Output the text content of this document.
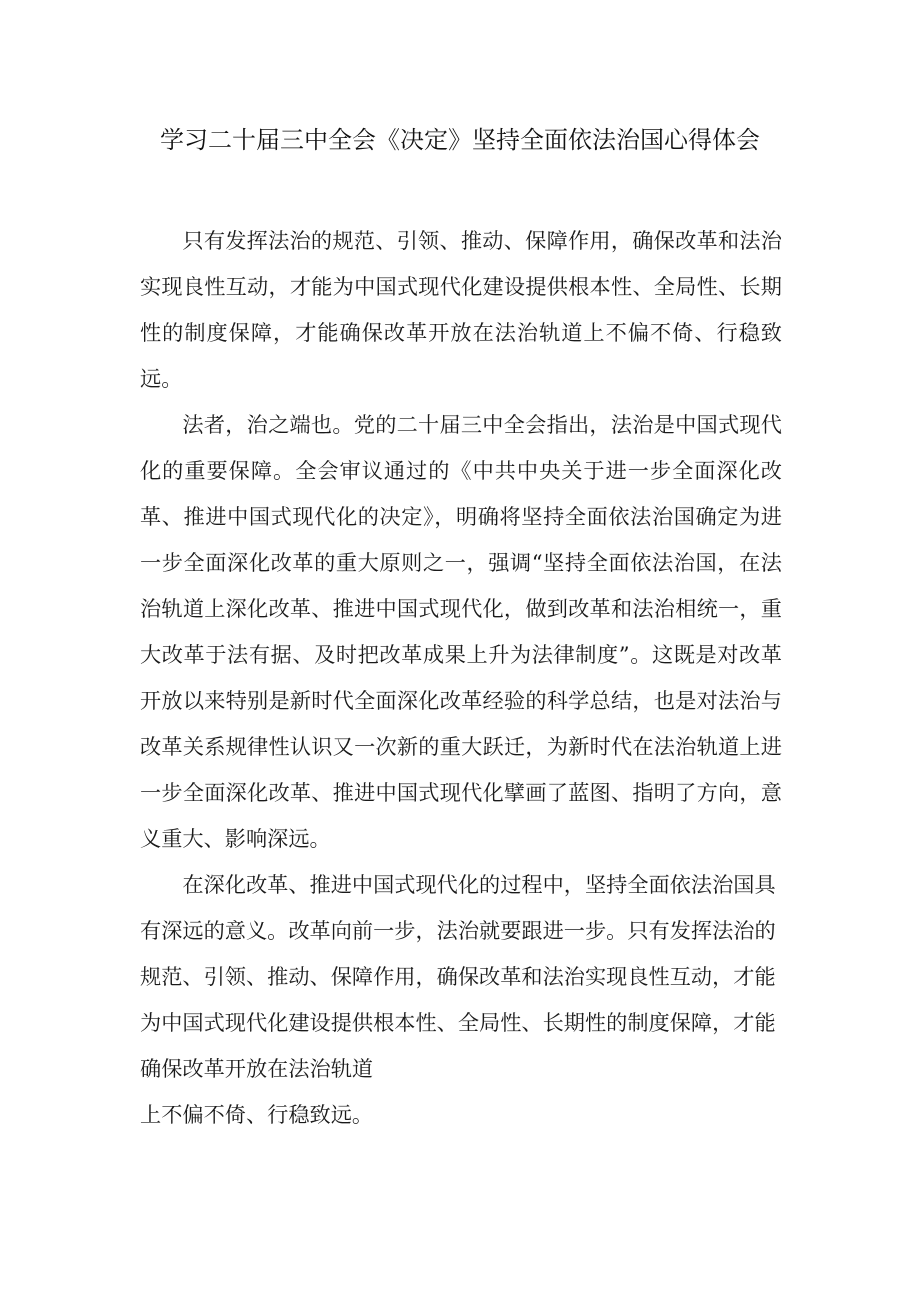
学习二十届三中全会《决定》坚持全面依法治国心得体会

只有发挥法治的规范、引领、推动、保障作用，确保改革和法治实现良性互动，才能为中国式现代化建设提供根本性、全局性、长期性的制度保障，才能确保改革开放在法治轨道上不偏不倚、行稳致远。

法者，治之端也。党的二十届三中全会指出，法治是中国式现代化的重要保障。全会审议通过的《中共中央关于进一步全面深化改革、推进中国式现代化的决定》，明确将坚持全面依法治国确定为进一步全面深化改革的重大原则之一，强调“坚持全面依法治国，在法治轨道上深化改革、推进中国式现代化，做到改革和法治相统一，重大改革于法有据、及时把改革成果上升为法律制度”。这既是对改革开放以来特别是新时代全面深化改革经验的科学总结，也是对法治与改革关系规律性认识又一次新的重大跃迁，为新时代在法治轨道上进一步全面深化改革、推进中国式现代化擘画了蓝图、指明了方向，意义重大、影响深远。

在深化改革、推进中国式现代化的过程中，坚持全面依法治国具有深远的意义。改革向前一步，法治就要跟进一步。只有发挥法治的规范、引领、推动、保障作用，确保改革和法治实现良性互动，才能为中国式现代化建设提供根本性、全局性、长期性的制度保障，才能确保改革开放在法治轨道
上不偏不倚、行稳致远。
